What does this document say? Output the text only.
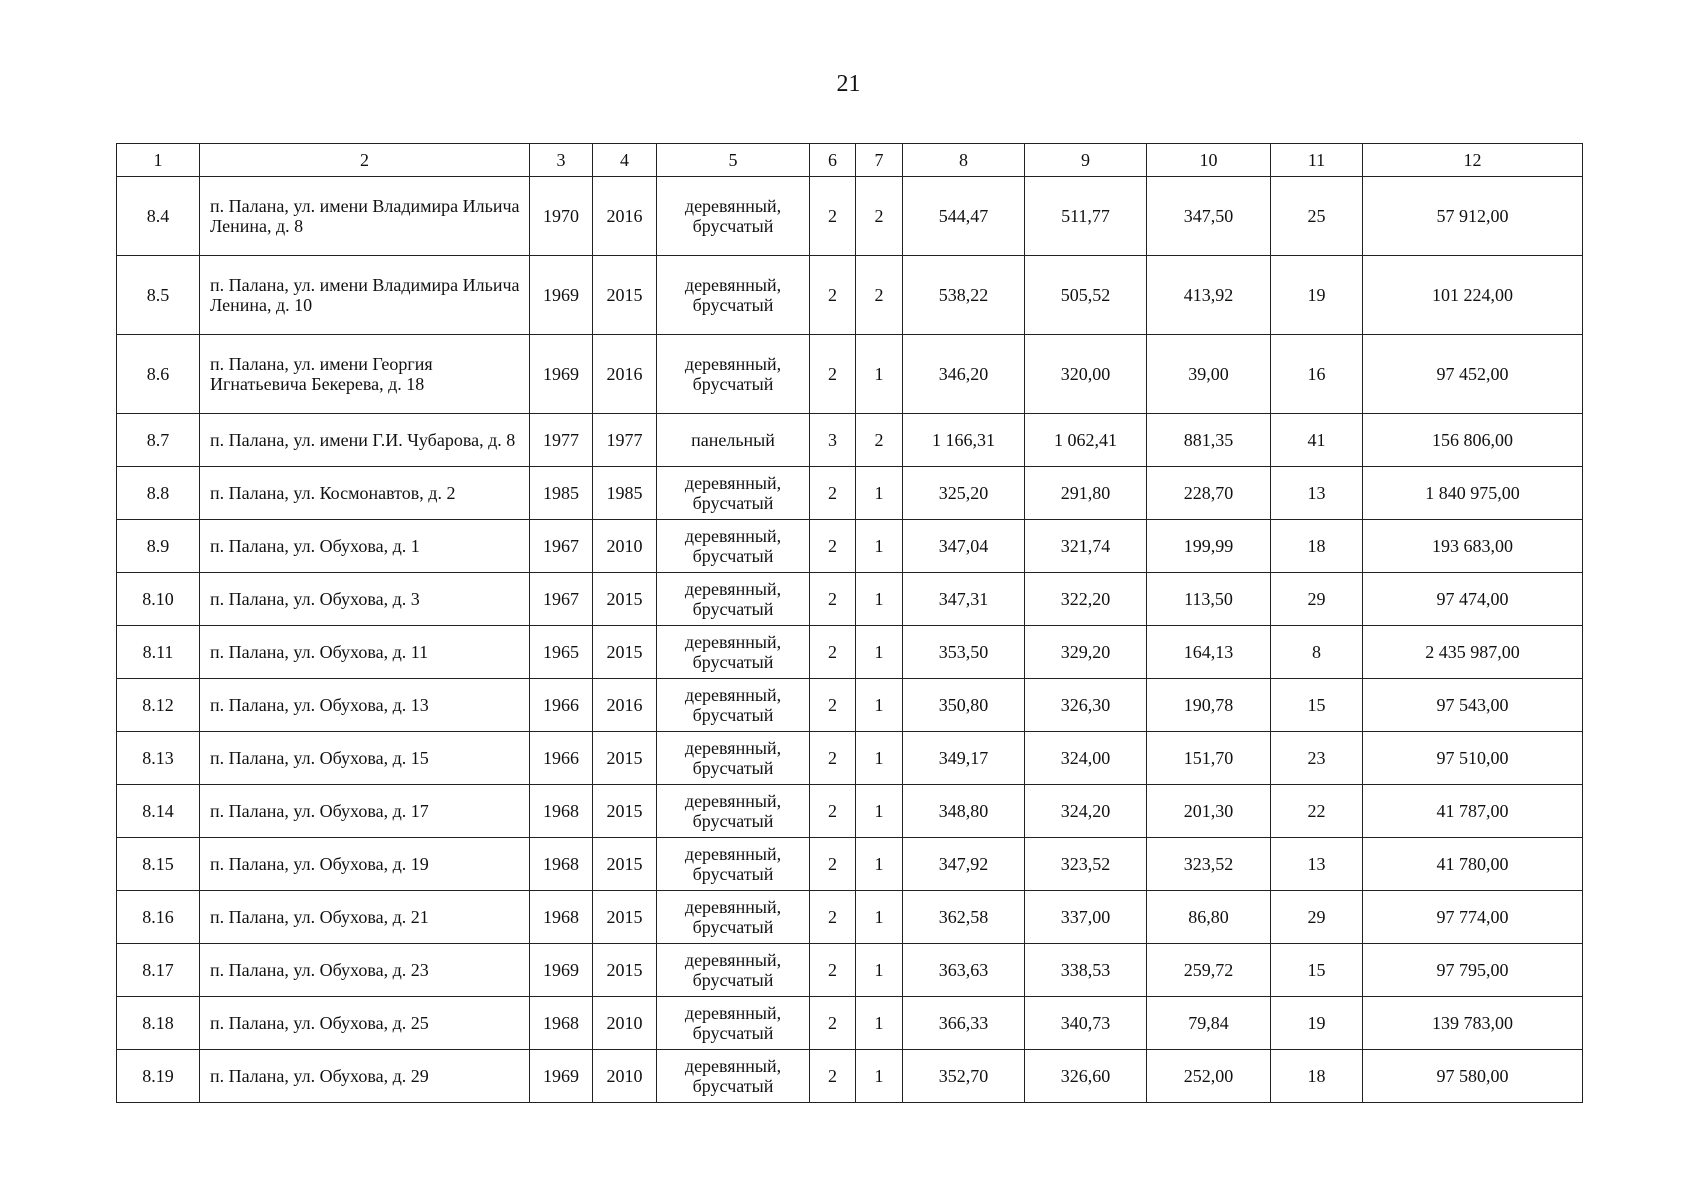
21
1	2	3	4	5	6	7	8	9	10	11	12
8.4	п. Палана, ул. имени Владимира Ильича Ленина, д. 8	1970	2016	деревянный, брусчатый	2	2	544,47	511,77	347,50	25	57 912,00
8.5	п. Палана, ул. имени Владимира Ильича Ленина, д. 10	1969	2015	деревянный, брусчатый	2	2	538,22	505,52	413,92	19	101 224,00
8.6	п. Палана, ул. имени Георгия Игнатьевича Бекерева, д. 18	1969	2016	деревянный, брусчатый	2	1	346,20	320,00	39,00	16	97 452,00
8.7	п. Палана, ул. имени Г.И. Чубарова, д. 8	1977	1977	панельный	3	2	1 166,31	1 062,41	881,35	41	156 806,00
8.8	п. Палана, ул. Космонавтов, д. 2	1985	1985	деревянный, брусчатый	2	1	325,20	291,80	228,70	13	1 840 975,00
8.9	п. Палана, ул. Обухова, д. 1	1967	2010	деревянный, брусчатый	2	1	347,04	321,74	199,99	18	193 683,00
8.10	п. Палана, ул. Обухова, д. 3	1967	2015	деревянный, брусчатый	2	1	347,31	322,20	113,50	29	97 474,00
8.11	п. Палана, ул. Обухова, д. 11	1965	2015	деревянный, брусчатый	2	1	353,50	329,20	164,13	8	2 435 987,00
8.12	п. Палана, ул. Обухова, д. 13	1966	2016	деревянный, брусчатый	2	1	350,80	326,30	190,78	15	97 543,00
8.13	п. Палана, ул. Обухова, д. 15	1966	2015	деревянный, брусчатый	2	1	349,17	324,00	151,70	23	97 510,00
8.14	п. Палана, ул. Обухова, д. 17	1968	2015	деревянный, брусчатый	2	1	348,80	324,20	201,30	22	41 787,00
8.15	п. Палана, ул. Обухова, д. 19	1968	2015	деревянный, брусчатый	2	1	347,92	323,52	323,52	13	41 780,00
8.16	п. Палана, ул. Обухова, д. 21	1968	2015	деревянный, брусчатый	2	1	362,58	337,00	86,80	29	97 774,00
8.17	п. Палана, ул. Обухова, д. 23	1969	2015	деревянный, брусчатый	2	1	363,63	338,53	259,72	15	97 795,00
8.18	п. Палана, ул. Обухова, д. 25	1968	2010	деревянный, брусчатый	2	1	366,33	340,73	79,84	19	139 783,00
8.19	п. Палана, ул. Обухова, д. 29	1969	2010	деревянный, брусчатый	2	1	352,70	326,60	252,00	18	97 580,00
